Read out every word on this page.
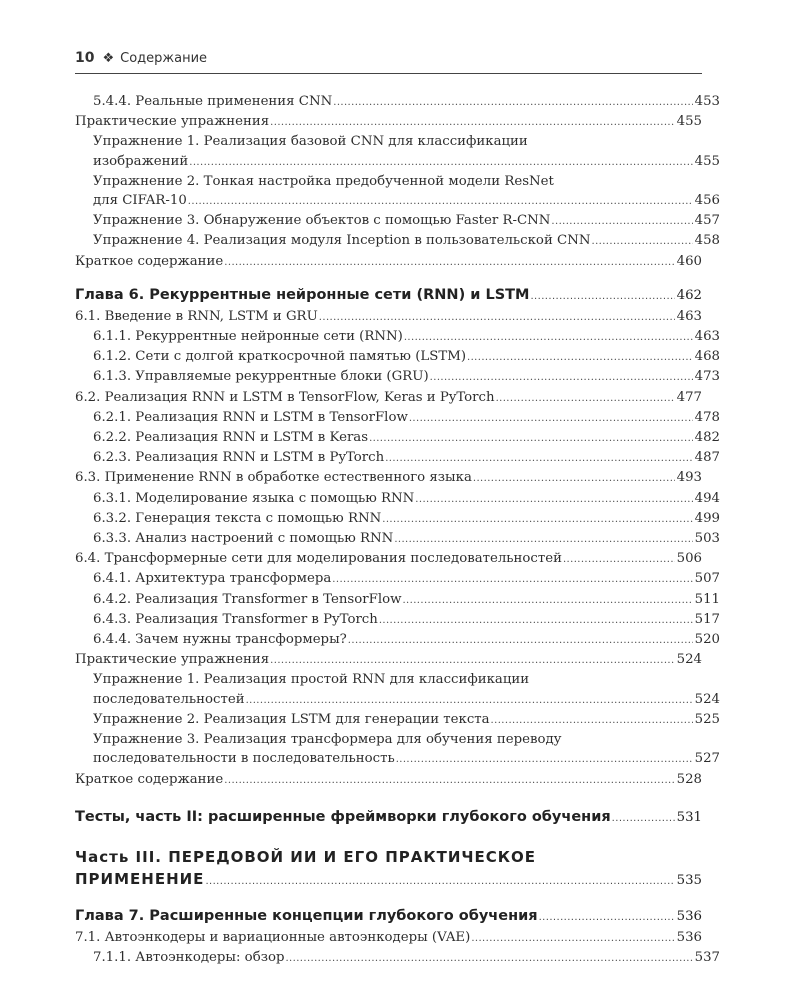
10 ❖ Содержание
5.4.4. Реальные применения CNN .....	453
Практические упражнения .....	455
Упражнение 1. Реализация базовой CNN для классификации
изображений .....	455
Упражнение 2. Тонкая настройка предобученной модели ResNet
для CIFAR-10 .....	456
Упражнение 3. Обнаружение объектов с помощью Faster R-CNN .....	457
Упражнение 4. Реализация модуля Inception в пользовательской CNN .....	458
Краткое содержание .....	460
Глава 6. Рекуррентные нейронные сети (RNN) и LSTM .....	462
6.1. Введение в RNN, LSTM и GRU .....	463
6.1.1. Рекуррентные нейронные сети (RNN) .....	463
6.1.2. Сети с долгой краткосрочной памятью (LSTM) .....	468
6.1.3. Управляемые рекуррентные блоки (GRU) .....	473
6.2. Реализация RNN и LSTM в TensorFlow, Keras и PyTorch .....	477
6.2.1. Реализация RNN и LSTM в TensorFlow .....	478
6.2.2. Реализация RNN и LSTM в Keras .....	482
6.2.3. Реализация RNN и LSTM в PyTorch .....	487
6.3. Применение RNN в обработке естественного языка .....	493
6.3.1. Моделирование языка с помощью RNN .....	494
6.3.2. Генерация текста с помощью RNN .....	499
6.3.3. Анализ настроений с помощью RNN .....	503
6.4. Трансформерные сети для моделирования последовательностей .....	506
6.4.1. Архитектура трансформера .....	507
6.4.2. Реализация Transformer в TensorFlow .....	511
6.4.3. Реализация Transformer в PyTorch .....	517
6.4.4. Зачем нужны трансформеры? .....	520
Практические упражнения .....	524
Упражнение 1. Реализация простой RNN для классификации
последовательностей .....	524
Упражнение 2. Реализация LSTM для генерации текста .....	525
Упражнение 3. Реализация трансформера для обучения переводу
последовательности в последовательность .....	527
Краткое содержание .....	528
Тесты, часть II: расширенные фреймворки глубокого обучения .....	531
Часть III. ПЕРЕДОВОЙ ИИ И ЕГО ПРАКТИЧЕСКОЕ
ПРИМЕНЕНИЕ .....	535
Глава 7. Расширенные концепции глубокого обучения .....	536
7.1. Автоэнкодеры и вариационные автоэнкодеры (VAE) .....	536
7.1.1. Автоэнкодеры: обзор .....	537
